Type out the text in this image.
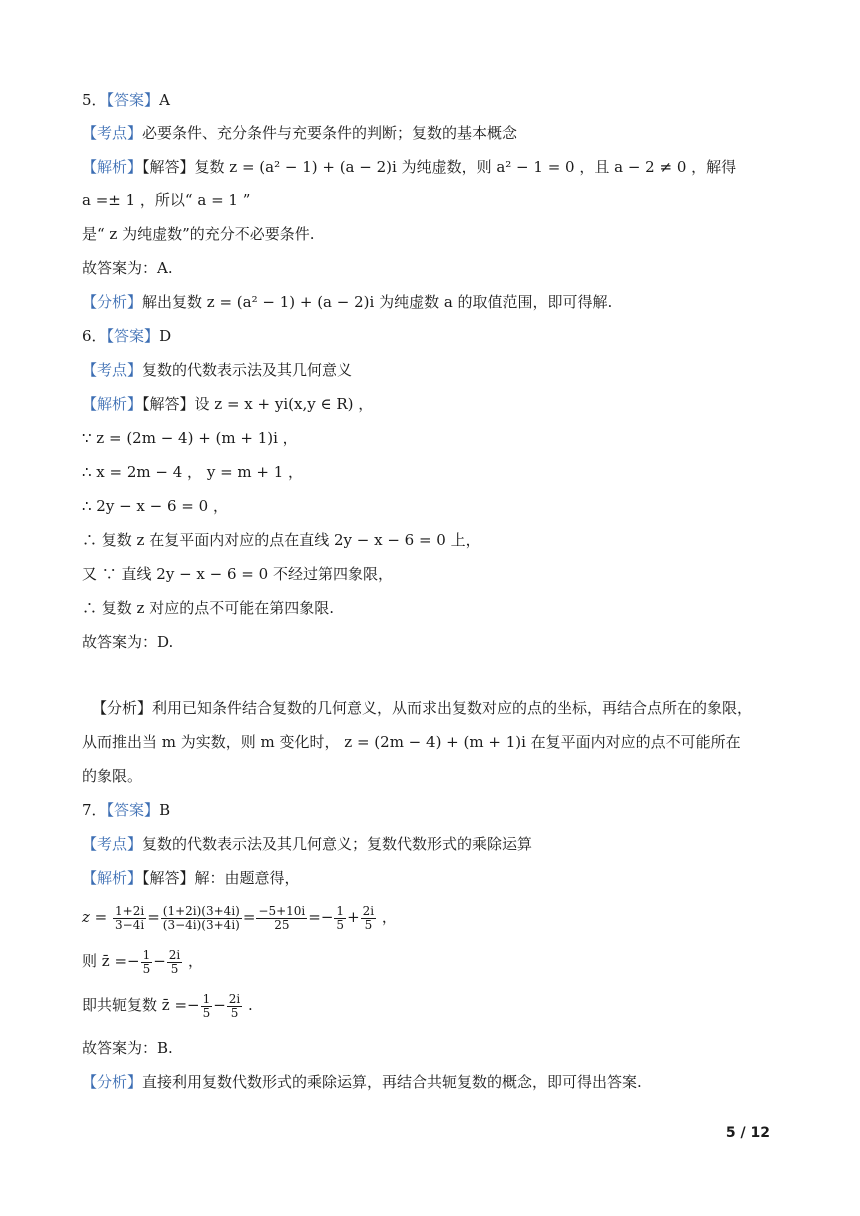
5．【答案】A
【考点】必要条件、充分条件与充要条件的判断；复数的基本概念
【解析】【解答】复数 z = (a² − 1) + (a − 2)i 为纯虚数，则 a² − 1 = 0 ，且 a − 2 ≠ 0 ，解得
a =± 1 ，所以“ a = 1 ”
是“ z 为纯虚数”的充分不必要条件.
故答案为：A.
【分析】解出复数 z = (a² − 1) + (a − 2)i 为纯虚数 a 的取值范围，即可得解.
6．【答案】D
【考点】复数的代数表示法及其几何意义
【解析】【解答】设 z = x + yi(x,y ∈ R) ，
∵ z = (2m − 4) + (m + 1)i ，
∴ x = 2m − 4 ， y = m + 1 ，
∴ 2y − x − 6 = 0 ，
∴ 复数 z 在复平面内对应的点在直线 2y − x − 6 = 0 上，
又 ∵ 直线 2y − x − 6 = 0 不经过第四象限，
∴ 复数 z 对应的点不可能在第四象限.
故答案为：D.
【分析】利用已知条件结合复数的几何意义，从而求出复数对应的点的坐标，再结合点所在的象限，
从而推出当 m 为实数，则 m 变化时， z = (2m − 4) + (m + 1)i 在复平面内对应的点不可能所在
的象限。
7．【答案】B
【考点】复数的代数表示法及其几何意义；复数代数形式的乘除运算
【解析】【解答】解：由题意得，
$z = \frac{1+2i}{3-4i} = \frac{(1+2i)(3+4i)}{(3-4i)(3+4i)} = \frac{-5+10i}{25} =- \frac{1}{5} + \frac{2i}{5}$ ，
则 z̄ =− $\frac{1}{5} - \frac{2i}{5}$ ，
即共轭复数 z̄ =− $\frac{1}{5} - \frac{2i}{5}$ .
故答案为：B.
【分析】直接利用复数代数形式的乘除运算，再结合共轭复数的概念，即可得出答案.
5 / 12
